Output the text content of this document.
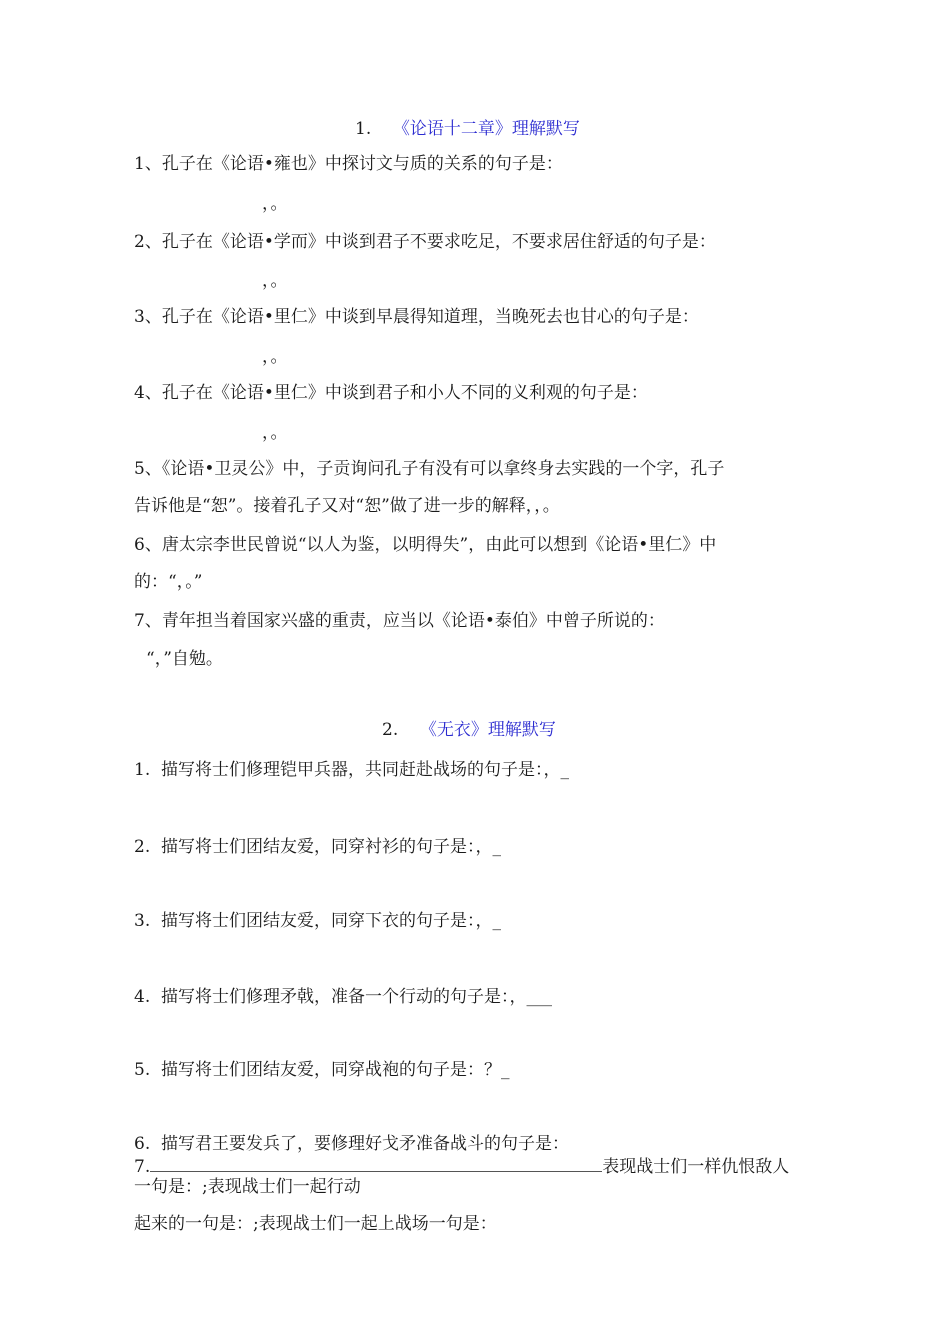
1. 《论语十二章》理解默写

1、孔子在《论语•雍也》中探讨文与质的关系的句子是：

，。

2、孔子在《论语•学而》中谈到君子不要求吃足，不要求居住舒适的句子是：

，。

3、孔子在《论语•里仁》中谈到早晨得知道理，当晚死去也甘心的句子是：

，。

4、孔子在《论语•里仁》中谈到君子和小人不同的义利观的句子是：

，。

5、《论语•卫灵公》中，子贡询问孔子有没有可以拿终身去实践的一个字，孔子

告诉他是“恕”。接着孔子又对“恕”做了进一步的解释，，。

6、唐太宗李世民曾说“以人为鉴，以明得失”，由此可以想到《论语•里仁》中

的：“，。”

7、青年担当着国家兴盛的重责，应当以《论语•泰伯》中曾子所说的：

“，”自勉。

2. 《无衣》理解默写

1.  描写将士们修理铠甲兵器，共同赶赴战场的句子是：，_

2.  描写将士们团结友爱，同穿衬衫的句子是：，_

3.  描写将士们团结友爱，同穿下衣的句子是：，_

4.  描写将士们修理矛戟，准备一个行动的句子是：，___

5.  描写将士们团结友爱，同穿战袍的句子是：？_

6.  描写君王要发兵了，要修理好戈矛准备战斗的句子是：

7.	表现战士们一样仇恨敌人

一句是：;表现战士们一起行动

起来的一句是：;表现战士们一起上战场一句是：
